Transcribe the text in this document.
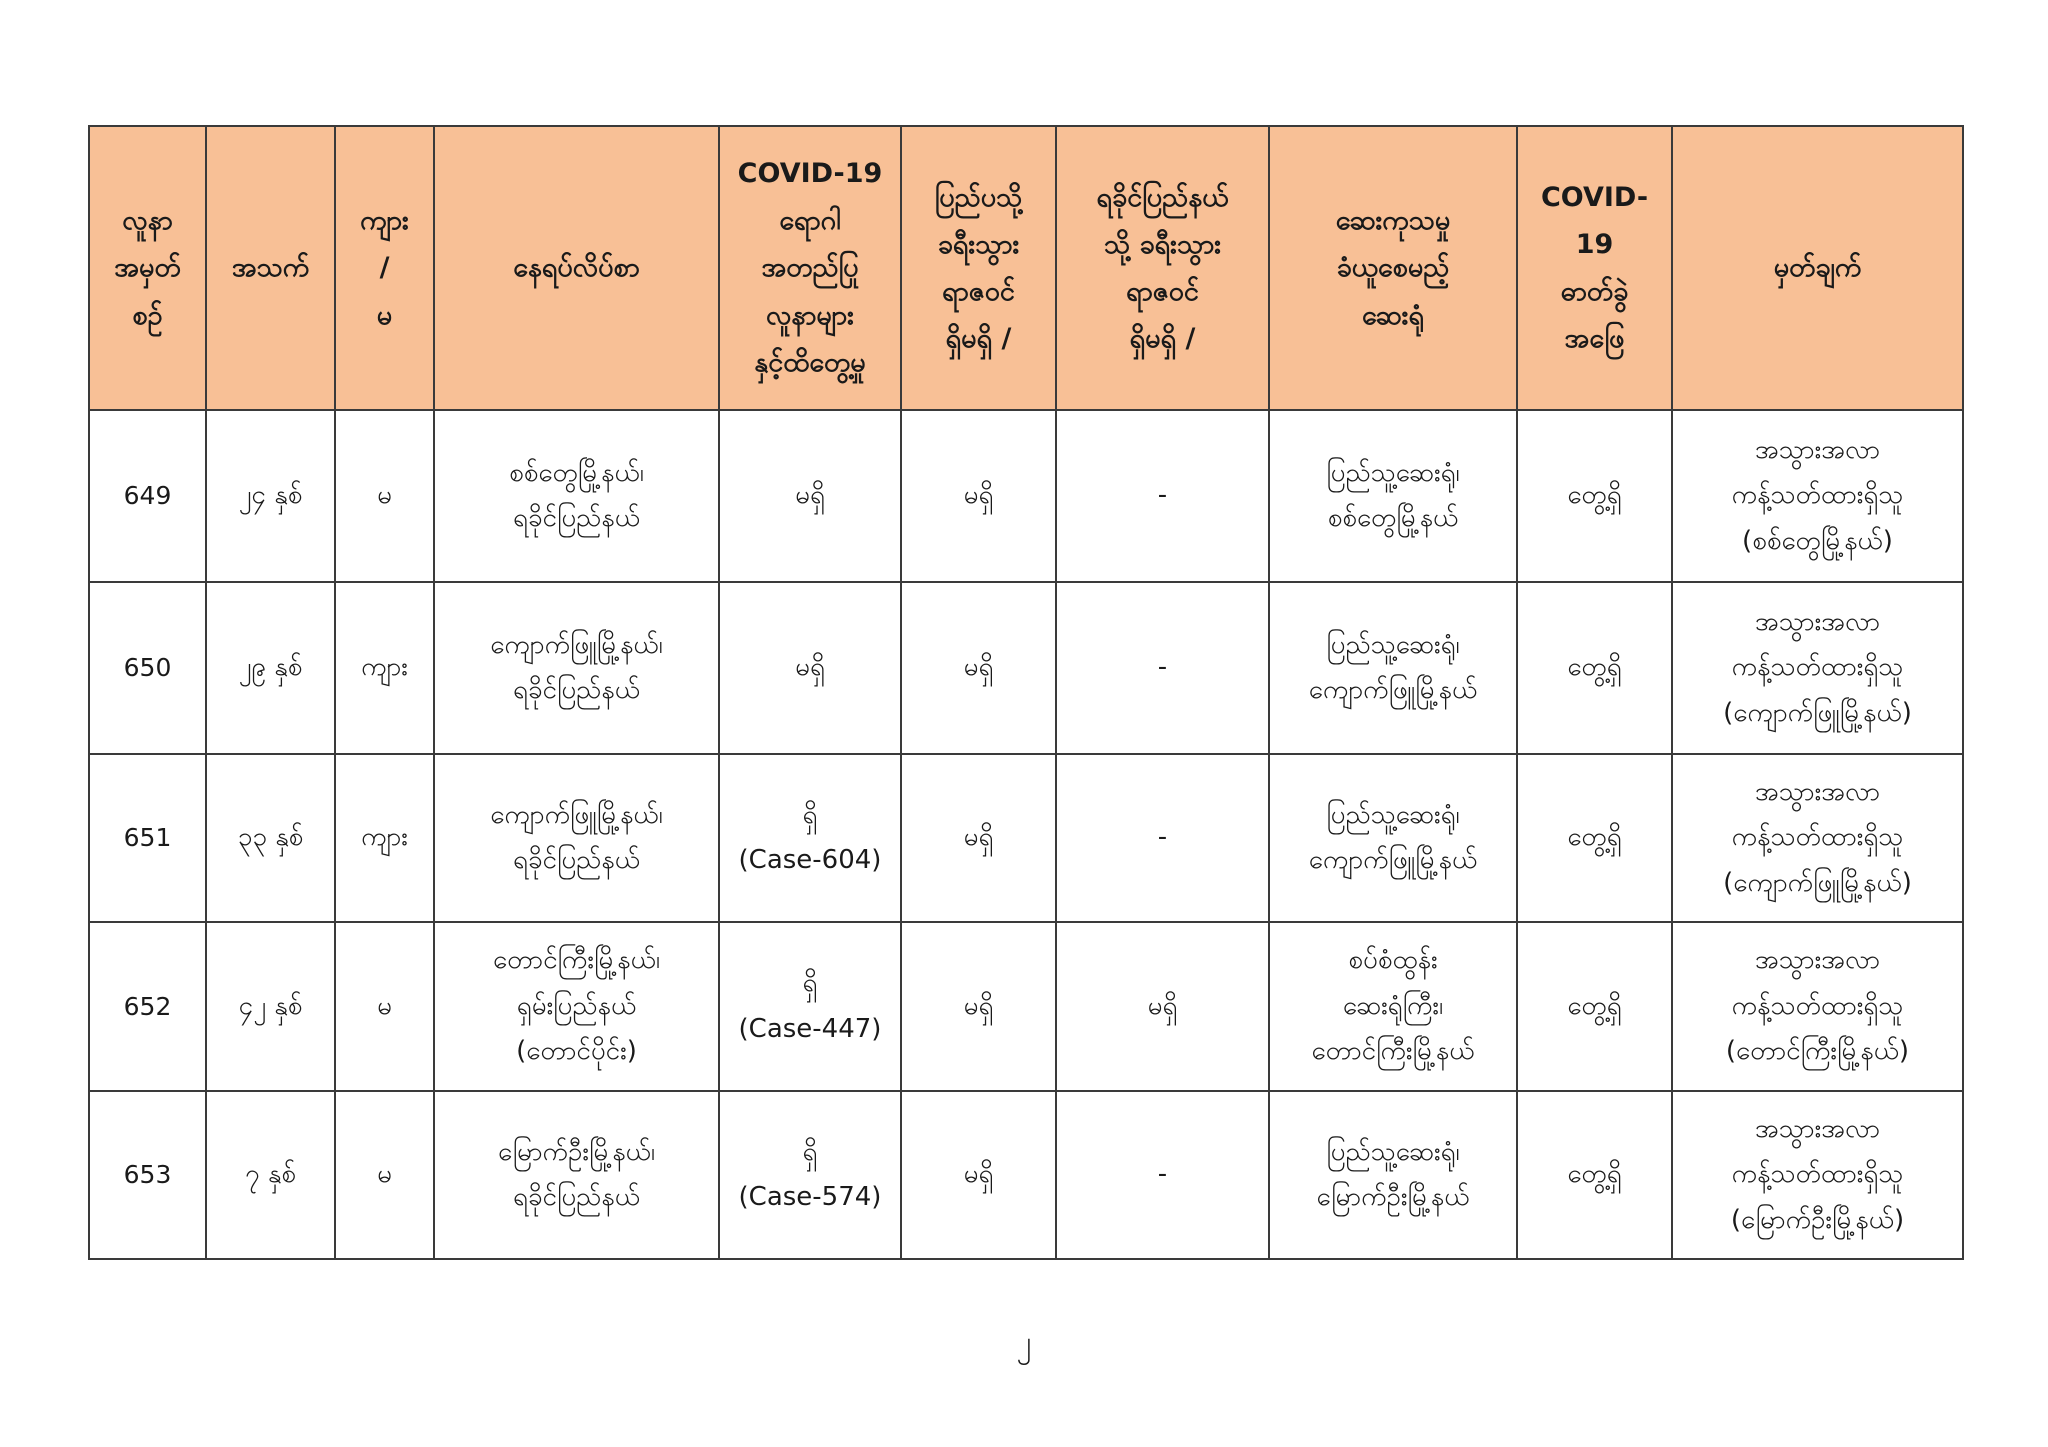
လူနာ
အမှတ်
စဉ်	အသက်	ကျား
/
မ	နေရပ်လိပ်စာ	COVID-19
ရောဂါ
အတည်ပြု
လူနာများ
နှင့်ထိတွေ့မှု	ပြည်ပသို့
ခရီးသွား
ရာဇဝင်
ရှိမရှိ /	ရခိုင်ပြည်နယ်
သို့ ခရီးသွား
ရာဇဝင်
ရှိမရှိ /	ဆေးကုသမှု
ခံယူစေမည့်
ဆေးရုံ	COVID-19
ဓာတ်ခွဲ
အဖြေ	မှတ်ချက်
649	၂၄ နှစ်	မ	စစ်တွေမြို့နယ်၊
ရခိုင်ပြည်နယ်	မရှိ	မရှိ	-	ပြည်သူ့ဆေးရုံ၊
စစ်တွေမြို့နယ်	တွေ့ရှိ	အသွားအလာ
ကန့်သတ်ထားရှိသူ
(စစ်တွေမြို့နယ်)
650	၂၉ နှစ်	ကျား	ကျောက်ဖြူမြို့နယ်၊
ရခိုင်ပြည်နယ်	မရှိ	မရှိ	-	ပြည်သူ့ဆေးရုံ၊
ကျောက်ဖြူမြို့နယ်	တွေ့ရှိ	အသွားအလာ
ကန့်သတ်ထားရှိသူ
(ကျောက်ဖြူမြို့နယ်)
651	၃၃ နှစ်	ကျား	ကျောက်ဖြူမြို့နယ်၊
ရခိုင်ပြည်နယ်	ရှိ
(Case-604)	မရှိ	-	ပြည်သူ့ဆေးရုံ၊
ကျောက်ဖြူမြို့နယ်	တွေ့ရှိ	အသွားအလာ
ကန့်သတ်ထားရှိသူ
(ကျောက်ဖြူမြို့နယ်)
652	၄၂ နှစ်	မ	တောင်ကြီးမြို့နယ်၊
ရှမ်းပြည်နယ်
(တောင်ပိုင်း)	ရှိ
(Case-447)	မရှိ	မရှိ	စပ်စံထွန်း
ဆေးရုံကြီး၊
တောင်ကြီးမြို့နယ်	တွေ့ရှိ	အသွားအလာ
ကန့်သတ်ထားရှိသူ
(တောင်ကြီးမြို့နယ်)
653	၇ နှစ်	မ	မြောက်ဦးမြို့နယ်၊
ရခိုင်ပြည်နယ်	ရှိ
(Case-574)	မရှိ	-	ပြည်သူ့ဆေးရုံ၊
မြောက်ဦးမြို့နယ်	တွေ့ရှိ	အသွားအလာ
ကန့်သတ်ထားရှိသူ
(မြောက်ဦးမြို့နယ်)
၂
